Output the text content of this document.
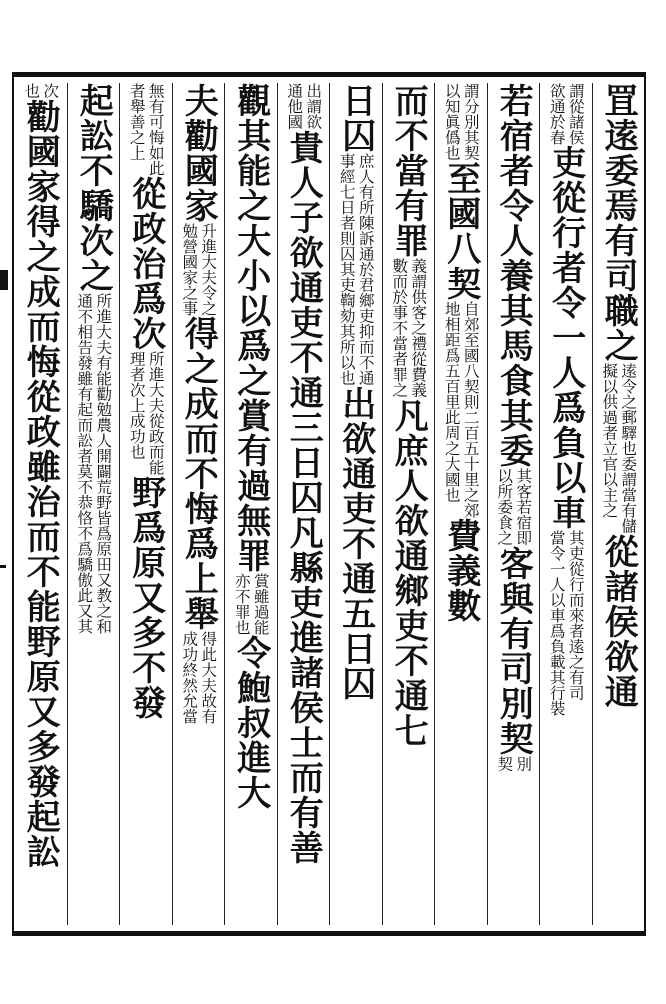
罝逺委焉有司職之
逺令之郵驛也委謂當有儲
擬以供過者立官以主之
從諸侯欲通
謂從諸侯
欲通於春
吏從行者令一人爲負以車
其吏從行而來者逺之有司
當令一人以車爲負載其行裝
若宿者令人養其馬食其委
其客若宿即
以所委食之
客與有司別契
別
契
謂分別其契
以知眞僞也
至國八契
自郊至國八契則二百五十里之郊
地相距爲五百里此周之大國也
費義數
而不當有罪
義謂供客之禮從費義
數而於事不當者罪之
凡庶人欲通鄉吏不通七
日囚
庶人有所陳訴通於君鄉吏抑而不通
事經七日者則囚其吏鞫劾其所以也
出欲通吏不通五日囚
出謂欲
通他國
貴人子欲通吏不通三日囚凡縣吏進諸侯士而有善
觀其能之大小以爲之賞有過無罪
賞雖過能
亦不罪也
令鮑叔進大
夫勸國家
升進大夫令之
勉營國家之事
得之成而不悔爲上舉
得此大夫故有
成功終然允當
無有可悔如此
者舉善之上
從政治爲次
所進大夫從政而能
理者次上成功也
野爲原又多不發
起訟不驕次之
所進大夫有能勸勉農人開闢荒野皆爲原田又教之和
通不相告發雖有起而訟者莫不恭恪不爲驕傲此又其
次
也
勸國家得之成而悔從政雖治而不能野原又多發起訟
